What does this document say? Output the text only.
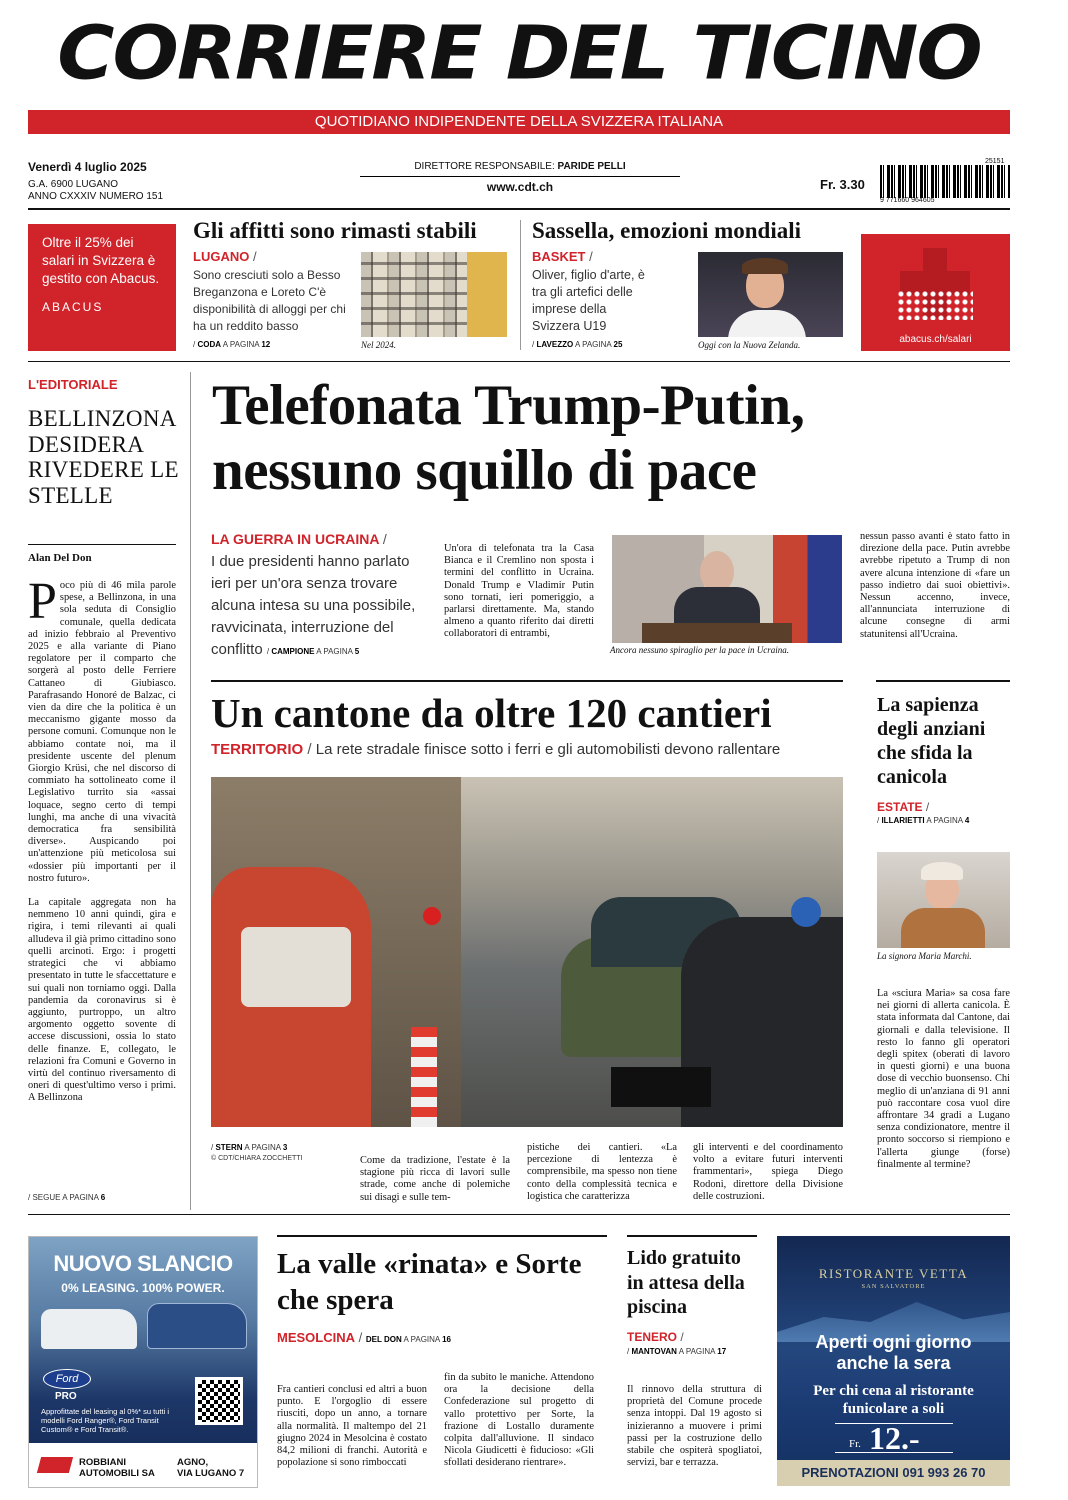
CORRIERE DEL TICINO
QUOTIDIANO INDIPENDENTE DELLA SVIZZERA ITALIANA
Venerdì 4 luglio 2025
G.A. 6900 LUGANO
ANNO CXXXIV NUMERO 151
DIRETTORE RESPONSABILE: PARIDE PELLI
www.cdt.ch	Fr. 3.30
25151
9 771660 964605
Oltre il 25% dei salari in Svizzera è gestito con Abacus.
ABACUS
Gli affitti sono rimasti stabili
LUGANO /
Sono cresciuti solo a Besso Breganzona e Loreto C'è disponibilità di alloggi per chi ha un reddito basso
/ CODA A PAGINA 12	Nel 2024.
Sassella, emozioni mondiali
BASKET /
Oliver, figlio d'arte, è tra gli artefici delle imprese della Svizzera U19
/ LAVEZZO A PAGINA 25	Oggi con la Nuova Zelanda.	abacus.ch/salari
L'EDITORIALE
BELLINZONA DESIDERA RIVEDERE LE STELLE
Alan Del Don
P oco più di 46 mila parole spese, a Bellinzona, in una sola seduta di Consiglio comunale, quella dedicata ad inizio febbraio al Preventivo 2025 e alla variante di Piano regolatore per il comparto che sorgerà al posto delle Ferriere Cattaneo di Giubiasco. Parafrasando Honoré de Balzac, ci vien da dire che la politica è un meccanismo gigante mosso da persone comuni. Comunque non le abbiamo contate noi, ma il presidente uscente del plenum Giorgio Krüsi, che nel discorso di commiato ha sottolineato come il Legislativo turrito sia «assai loquace, segno certo di tempi lunghi, ma anche di una vivacità democratica fra sensibilità diverse». Auspicando poi un'attenzione più meticolosa sui «dossier più importanti per il nostro futuro».
La capitale aggregata non ha nemmeno 10 anni quindi, gira e rigira, i temi rilevanti ai quali alludeva il già primo cittadino sono quelli arcinoti. Ergo: i progetti strategici che vi abbiamo presentato in tutte le sfaccettature e sui quali non torniamo oggi. Dalla pandemia da coronavirus si è aggiunto, purtroppo, un altro argomento oggetto sovente di accese discussioni, ossia lo stato delle finanze. E, collegato, le relazioni fra Comuni e Governo in virtù del continuo riversamento di oneri di quest'ultimo verso i primi. A Bellinzona
/ SEGUE A PAGINA 6
Telefonata Trump-Putin, nessuno squillo di pace
LA GUERRA IN UCRAINA /
I due presidenti hanno parlato ieri per un'ora senza trovare alcuna intesa su una possibile, ravvicinata, interruzione del conflitto / CAMPIONE A PAGINA 5
Un'ora di telefonata tra la Casa Bianca e il Cremlino non sposta i termini del conflitto in Ucraina. Donald Trump e Vladimir Putin sono tornati, ieri pomeriggio, a parlarsi direttamente. Ma, stando almeno a quanto riferito dai diretti collaboratori di entrambi,
Ancora nessuno spiraglio per la pace in Ucraina.
nessun passo avanti è stato fatto in direzione della pace. Putin avrebbe avrebbe ripetuto a Trump di non avere alcuna intenzione di «fare un passo indietro dai suoi obiettivi». Nessun accenno, invece, all'annunciata interruzione di alcune consegne di armi statunitensi all'Ucraina.
Un cantone da oltre 120 cantieri
TERRITORIO / La rete stradale finisce sotto i ferri e gli automobilisti devono rallentare
/ STERN A PAGINA 3
© CDT/CHIARA ZOCCHETTI	Come da tradizione, l'estate è la stagione più ricca di lavori sulle strade, come anche di polemiche sui disagi e sulle tem-
pistiche dei cantieri. «La percezione di lentezza è comprensibile, ma spesso non tiene conto della complessità tecnica e logistica che caratterizza
gli interventi e del coordinamento volto a evitare futuri interventi frammentari», spiega Diego Rodoni, direttore della Divisione delle costruzioni.
La sapienza degli anziani che sfida la canicola
ESTATE /
/ ILLARIETTI A PAGINA 4
La signora Maria Marchi.
La «sciura Maria» sa cosa fare nei giorni di allerta canicola. È stata informata dal Cantone, dai giornali e dalla televisione. Il resto lo fanno gli operatori degli spitex (oberati di lavoro in questi giorni) e una buona dose di vecchio buonsenso. Chi meglio di un'anziana di 91 anni può raccontare cosa vuol dire affrontare 34 gradi a Lugano senza condizionatore, mentre il pronto soccorso si riempiono e l'allerta giunge (forse) finalmente al termine?
NUOVO SLANCIO
0% LEASING. 100% POWER.
Ford
PRO
Approfittate del leasing al 0%* su tutti i modelli Ford Ranger®, Ford Transit Custom® e Ford Transit®.
ROBBIANI
AUTOMOBILI SA
AGNO,
VIA LUGANO 7
La valle «rinata» e Sorte che spera
MESOLCINA / DEL DON A PAGINA 16
Fra cantieri conclusi ed altri a buon punto. E l'orgoglio di essere riusciti, dopo un anno, a tornare alla normalità. Il maltempo del 21 giugno 2024 in Mesolcina è costato 84,2 milioni di franchi. Autorità e popolazione si sono rimboccati
fin da subito le maniche. Attendono ora la decisione della Confederazione sul progetto di vallo protettivo per Sorte, la frazione di Lostallo duramente colpita dall'alluvione. Il sindaco Nicola Giudicetti è fiducioso: «Gli sfollati desiderano rientrare».
Lido gratuito in attesa della piscina
TENERO /
/ MANTOVAN A PAGINA 17
Il rinnovo della struttura di proprietà del Comune procede senza intoppi. Dal 19 agosto si inizieranno a muovere i primi passi per la costruzione dello stabile che ospiterà spogliatoi, servizi, bar e terrazza.
RISTORANTE VETTA
SAN SALVATORE
Aperti ogni giorno
anche la sera
Per chi cena al ristorante
funicolare a soli
Fr. 12.-
PRENOTAZIONI 091 993 26 70
